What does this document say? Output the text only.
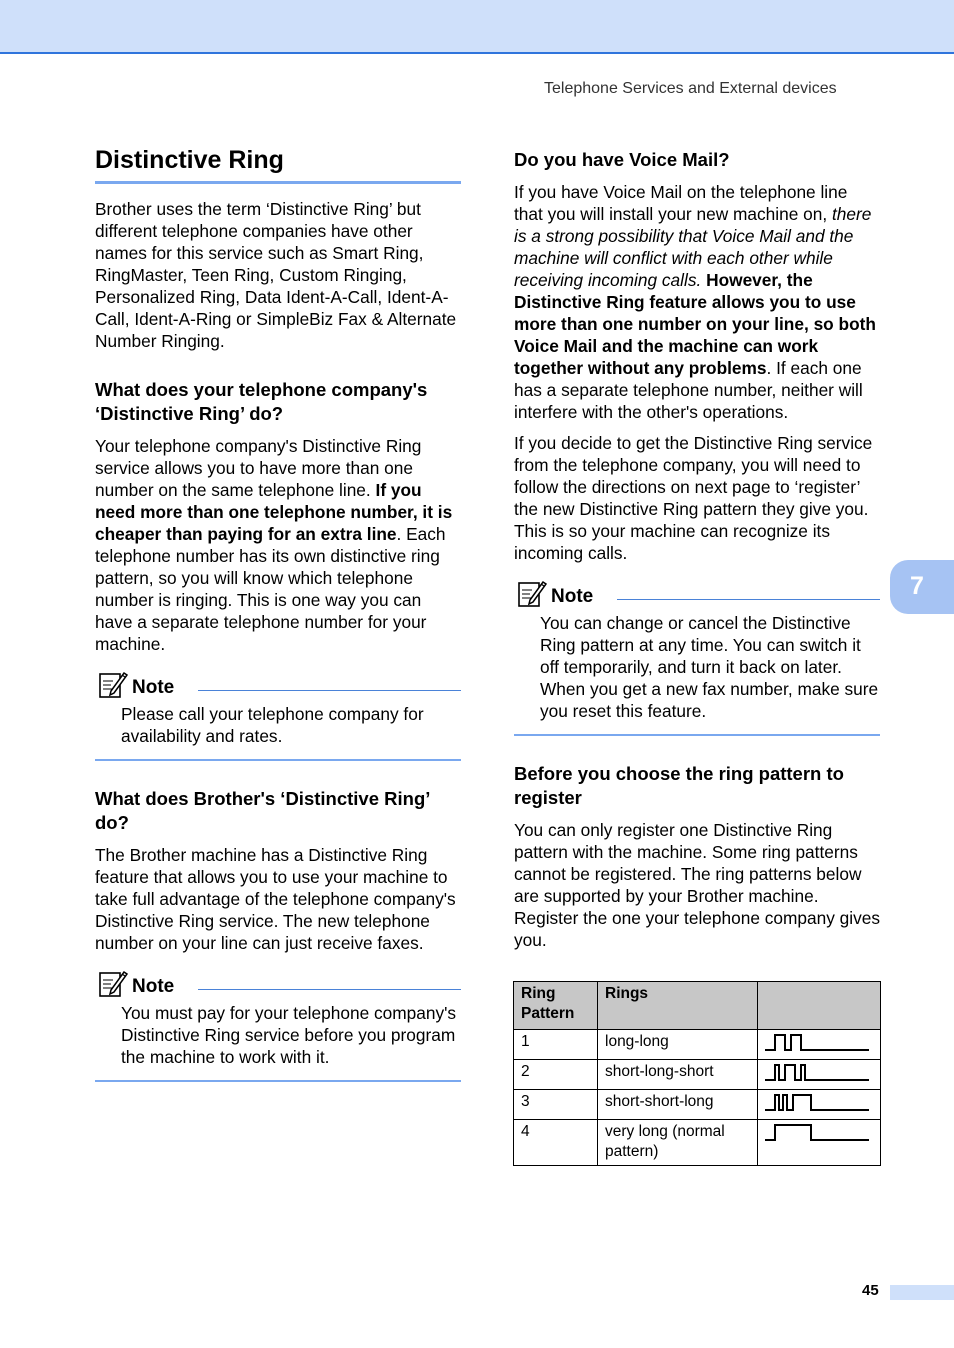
Telephone Services and External devices
7
Distinctive Ring

Brother uses the term ‘Distinctive Ring’ but different telephone companies have other names for this service such as Smart Ring, RingMaster, Teen Ring, Custom Ringing, Personalized Ring, Data Ident-A-Call, Ident-A-Call, Ident-A-Ring or SimpleBiz Fax & Alternate Number Ringing.

What does your telephone company's ‘Distinctive Ring’ do?

Your telephone company's Distinctive Ring service allows you to have more than one number on the same telephone line. If you need more than one telephone number, it is cheaper than paying for an extra line. Each telephone number has its own distinctive ring pattern, so you will know which telephone number is ringing. This is one way you can have a separate telephone number for your machine.

Note

Please call your telephone company for availability and rates.

What does Brother's ‘Distinctive Ring’ do?

The Brother machine has a Distinctive Ring feature that allows you to use your machine to take full advantage of the telephone company's Distinctive Ring service. The new telephone number on your line can just receive faxes.

Note

You must pay for your telephone company's Distinctive Ring service before you program the machine to work with it.

Do you have Voice Mail?

If you have Voice Mail on the telephone line that you will install your new machine on, there is a strong possibility that Voice Mail and the machine will conflict with each other while receiving incoming calls. However, the Distinctive Ring feature allows you to use more than one number on your line, so both Voice Mail and the machine can work together without any problems. If each one has a separate telephone number, neither will interfere with the other's operations.

If you decide to get the Distinctive Ring service from the telephone company, you will need to follow the directions on next page to ‘register’ the new Distinctive Ring pattern they give you. This is so your machine can recognize its incoming calls.

Note

You can change or cancel the Distinctive Ring pattern at any time. You can switch it off temporarily, and turn it back on later. When you get a new fax number, make sure you reset this feature.

Before you choose the ring pattern to register

You can only register one Distinctive Ring pattern with the machine. Some ring patterns cannot be registered. The ring patterns below are supported by your Brother machine. Register the one your telephone company gives you.

Ring Pattern	Rings	
1	long-long	

2	short-long-short	

3	short-short-long	

4	very long (normal pattern)	
45
